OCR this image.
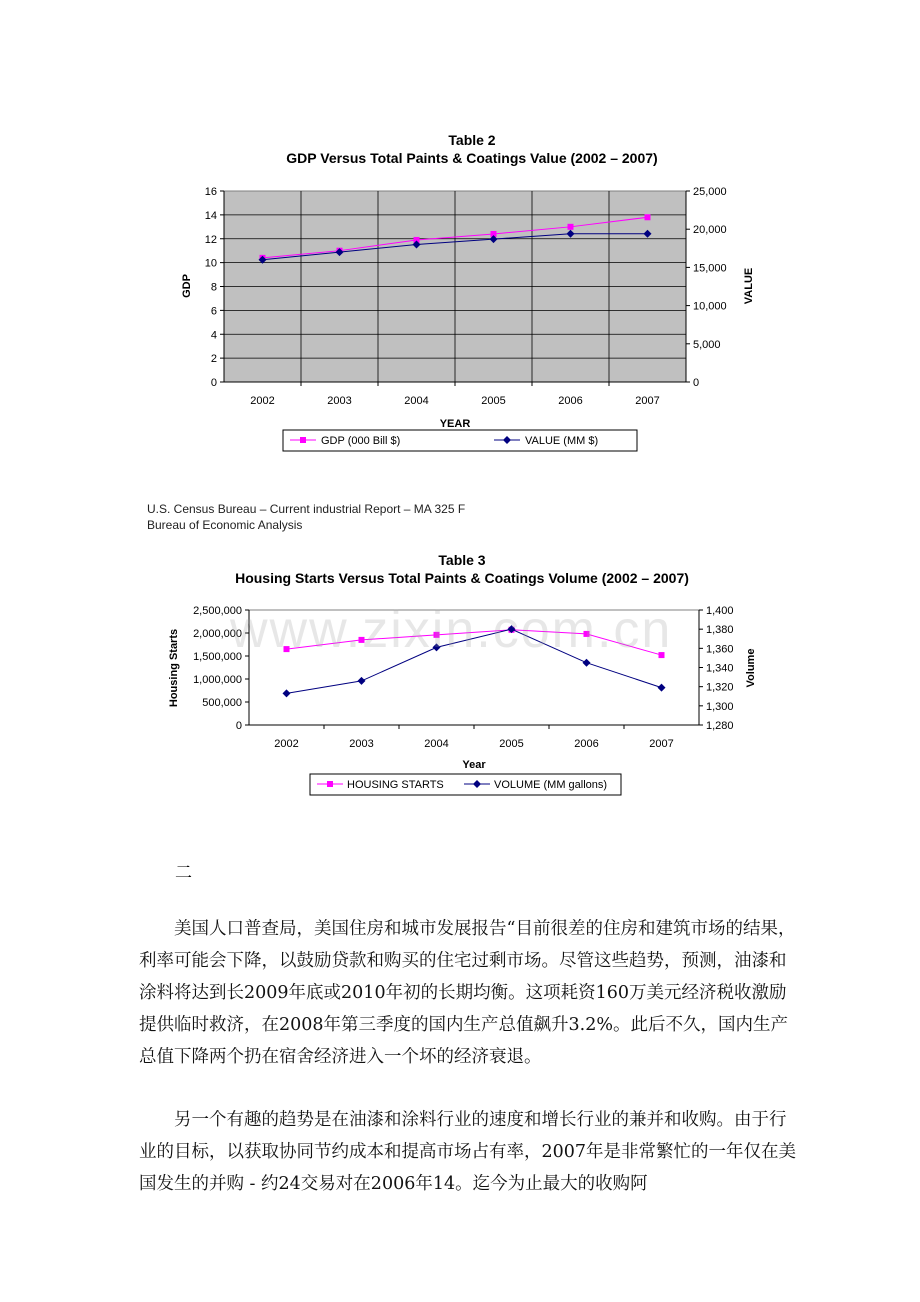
Table 2
GDP Versus Total Paints & Coatings Value (2002 – 2007)
YEAR
GDP	VALUE
0
2
4
6
8
10
12
14
16
0
5,000
10,000
15,000
20,000
25,000
2002	2003	2004	2005	2006	2007
GDP (000 Bill $)	VALUE (MM $)
U.S. Census Bureau – Current industrial Report – MA 325 F
Bureau of Economic Analysis
Table 3
Housing Starts Versus Total Paints & Coatings Volume (2002 – 2007)
Year
Housing Starts	Volume
0
500,000
1,000,000
1,500,000
2,000,000
2,500,000
1,280
1,300
1,320
1,340
1,360
1,380
1,400
2002	2003	2004	2005	2006	2007
HOUSING STARTS	VOLUME (MM gallons)
www.zixin.com.cn
二

美国人口普查局，美国住房和城市发展报告“目前很差的住房和建筑市场的结果，利率可能会下降，以鼓励贷款和购买的住宅过剩市场。尽管这些趋势，预测，油漆和涂料将达到长2009年底或2010年初的长期均衡。这项耗资160万美元经济税收激励提供临时救济，在2008年第三季度的国内生产总值飙升3.2%。此后不久，国内生产总值下降两个扔在宿舍经济进入一个坏的经济衰退。

另一个有趣的趋势是在油漆和涂料行业的速度和增长行业的兼并和收购。由于行业的目标，以获取协同节约成本和提高市场占有率，2007年是非常繁忙的一年仅在美国发生的并购 - 约24交易对在2006年14。迄今为止最大的收购阿
